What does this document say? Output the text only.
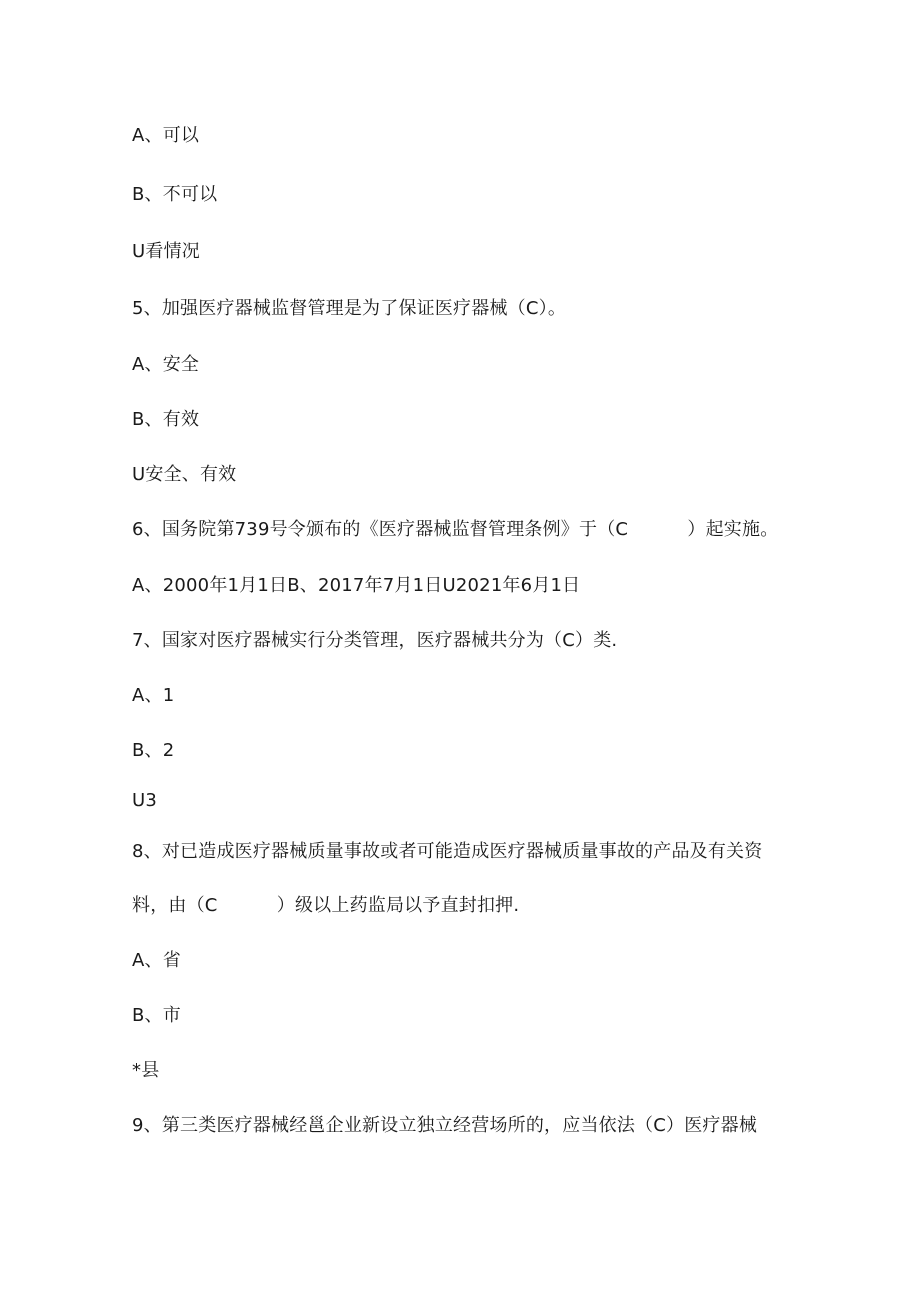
A、可以
B、不可以
U看情况
5、加强医疗器械监督管理是为了保证医疗器械（C）。
A、安全
B、有效
U安全、有效
6、国务院第739号令颁布的《医疗器械监督管理条例》于（C          ）起实施。
A、2000年1月1日B、2017年7月1日U2021年6月1日
7、国家对医疗器械实行分类管理，医疗器械共分为（C）类.
A、1
B、2
U3
8、对已造成医疗器械质量事故或者可能造成医疗器械质量事故的产品及有关资
料，由（C          ）级以上药监局以予直封扣押.
A、省
B、市
*县
9、第三类医疗器械经邕企业新设立独立经营场所的，应当依法（C）医疗器械
